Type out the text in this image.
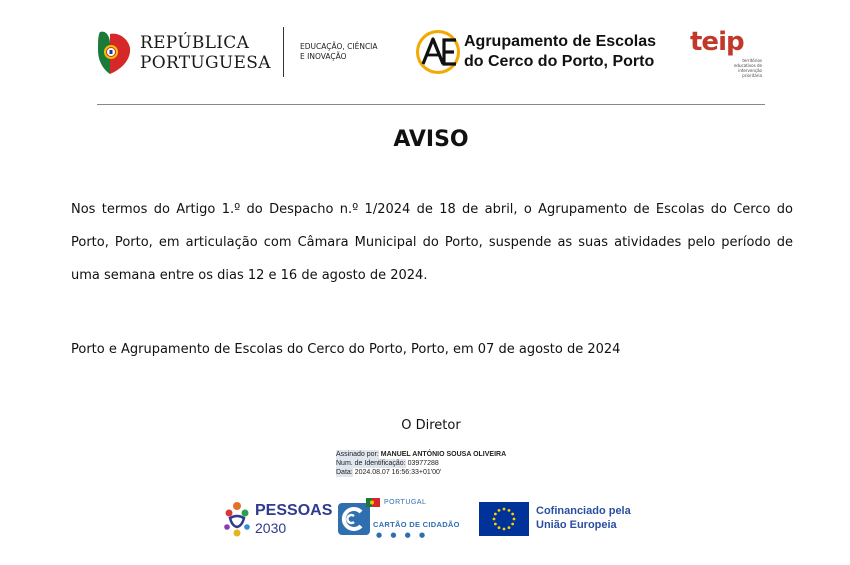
REPÚBLICA
PORTUGUESA
EDUCAÇÃO, CIÊNCIA
E INOVAÇÃO
Agrupamento de Escolas
do Cerco do Porto, Porto
teip
territórios educativos de intervenção prioritária
AVISO
Nos termos do Artigo 1.º do Despacho n.º 1/2024 de 18 de abril, o Agrupamento de Escolas do Cerco do
Porto, Porto, em articulação com Câmara Municipal do Porto, suspende as suas atividades pelo período de
uma semana entre os dias 12 e 16 de agosto de 2024.
Porto e Agrupamento de Escolas do Cerco do Porto, Porto, em 07 de agosto de 2024
O Diretor
Assinado por: MANUEL ANTÓNIO SOUSA OLIVEIRA
Num. de Identificação: 03977288
Data: 2024.08.07 16:56:33+01'00'
PESSOAS
2030
PORTUGAL
CARTÃO DE CIDADÃO
● ● ● ●
Cofinanciado pela
União Europeia
